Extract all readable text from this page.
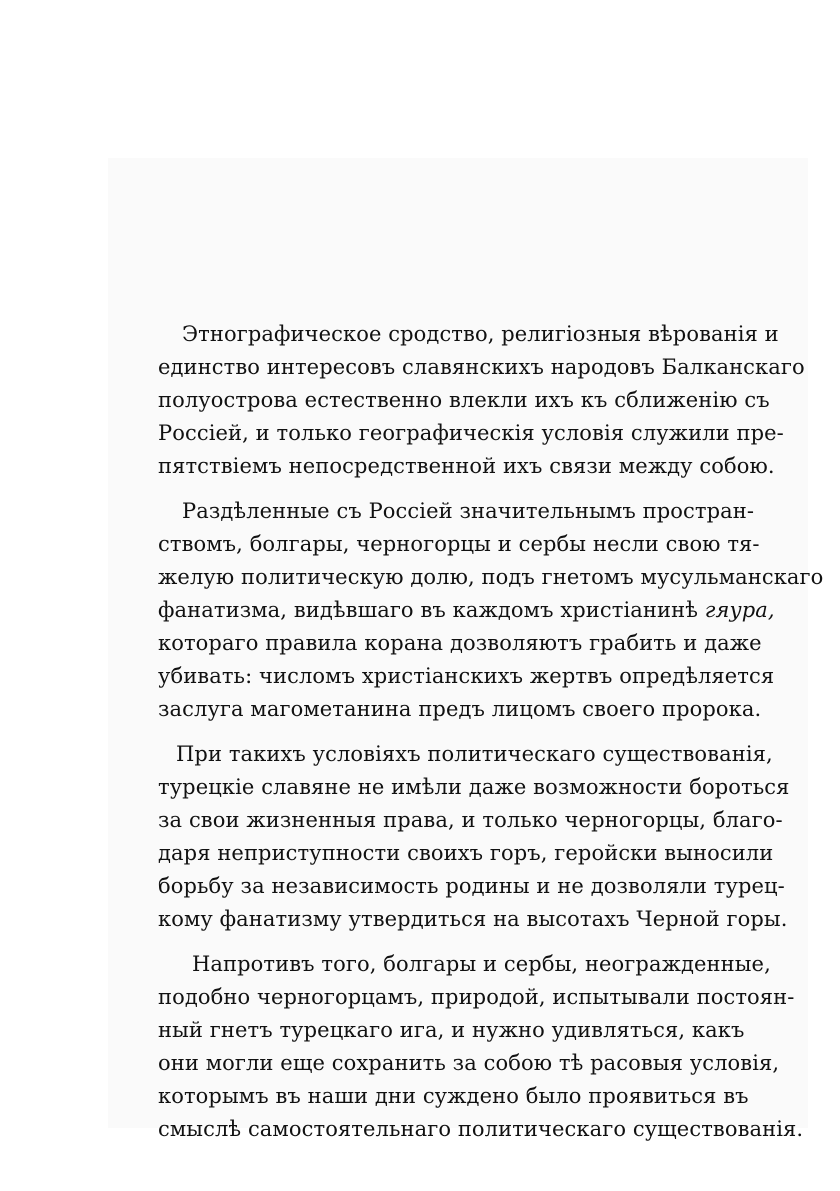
Этнографическое сродство, религіозныя вѣрованія и
единство интересовъ славянскихъ народовъ Балканскаго
полуострова естественно влекли ихъ къ сближенію съ
Россіей, и только географическія условія служили пре-
пятствіемъ непосредственной ихъ связи между собою.

Раздѣленные съ Россіей значительнымъ простран-
ствомъ, болгары, черногорцы и сербы несли свою тя-
желую политическую долю, подъ гнетомъ мусульманскаго
фанатизма, видѣвшаго въ каждомъ христіанинѣ гяура,
котораго правила корана дозволяютъ грабить и даже
убивать: числомъ христіанскихъ жертвъ опредѣляется
заслуга магометанина предъ лицомъ своего пророка.

При такихъ условіяхъ политическаго существованія,
турецкіе славяне не имѣли даже возможности бороться
за свои жизненныя права, и только черногорцы, благо-
даря неприступности своихъ горъ, геройски выносили
борьбу за независимость родины и не дозволяли турец-
кому фанатизму утвердиться на высотахъ Черной горы.

Напротивъ того, болгары и сербы, неогражденные,
подобно черногорцамъ, природой, испытывали постоян-
ный гнетъ турецкаго ига, и нужно удивляться, какъ
они могли еще сохранить за собою тѣ расовыя условія,
которымъ въ наши дни суждено было проявиться въ
смыслѣ самостоятельнаго политическаго существованія.
